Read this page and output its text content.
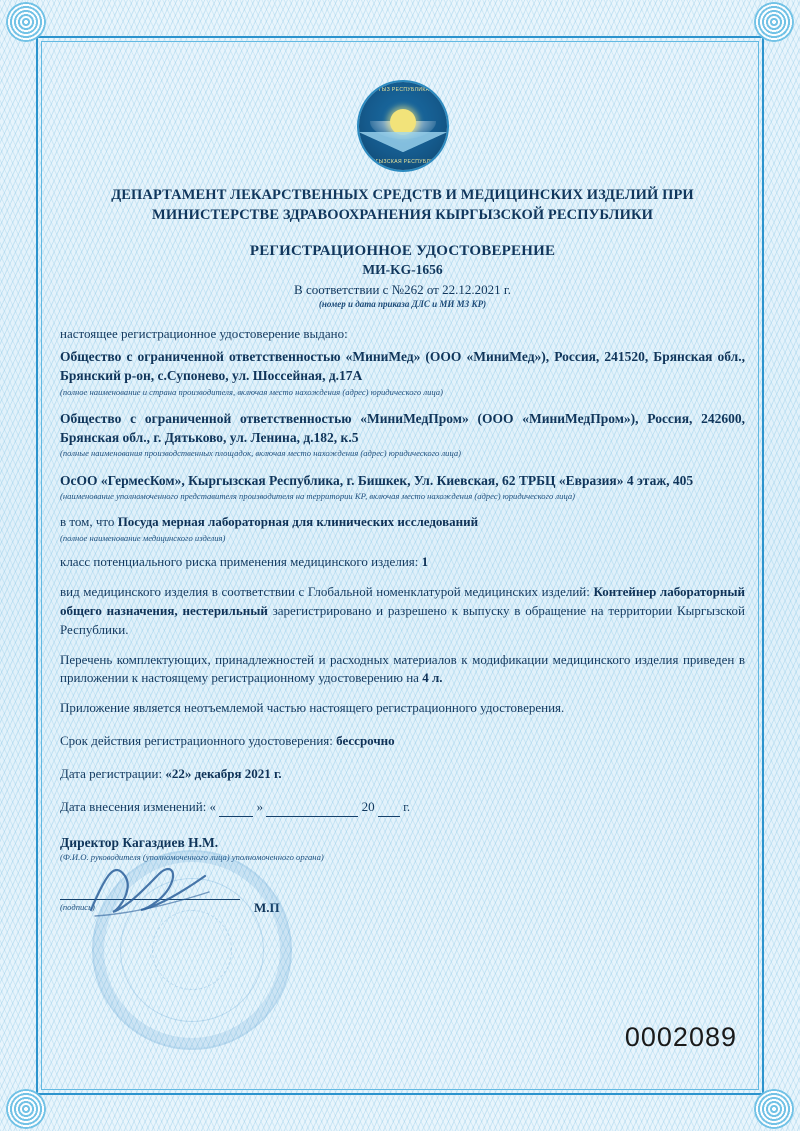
КЫРГЫЗ РЕСПУБЛИКАСЫ
КЫРГЫЗСКАЯ РЕСПУБЛИКА
ДЕПАРТАМЕНТ ЛЕКАРСТВЕННЫХ СРЕДСТВ И МЕДИЦИНСКИХ ИЗДЕЛИЙ ПРИ МИНИСТЕРСТВЕ ЗДРАВООХРАНЕНИЯ КЫРГЫЗСКОЙ РЕСПУБЛИКИ
РЕГИСТРАЦИОННОЕ УДОСТОВЕРЕНИЕ
МИ-KG-1656
В соответствии с №262 от 22.12.2021 г.
(номер и дата приказа ДЛС и МИ МЗ КР)
настоящее регистрационное удостоверение выдано:
Общество с ограниченной ответственностью «МиниМед» (ООО «МиниМед»), Россия, 241520, Брянская обл., Брянский р-он, с.Супонево, ул. Шоссейная, д.17А
(полное наименование и страна производителя, включая место нахождения (адрес) юридического лица)
Общество с ограниченной ответственностью «МиниМедПром» (ООО «МиниМедПром»), Россия, 242600, Брянская обл., г. Дятьково, ул. Ленина, д.182, к.5
(полные наименования производственных площадок, включая место нахождения (адрес) юридического лица)
ОсОО «ГермесКом», Кыргызская Республика, г. Бишкек, Ул. Киевская, 62 ТРБЦ «Евразия» 4 этаж, 405
(наименование уполномоченного представителя производителя на территории КР, включая место нахождения (адрес) юридического лица)
в том, что Посуда мерная лабораторная для клинических исследований
(полное наименование медицинского изделия)
класс потенциального риска применения медицинского изделия: 1
вид медицинского изделия в соответствии с Глобальной номенклатурой медицинских изделий: Контейнер лабораторный общего назначения, нестерильный зарегистрировано и разрешено к выпуску в обращение на территории Кыргызской Республики.
Перечень комплектующих, принадлежностей и расходных материалов к модификации медицинского изделия приведен в приложении к настоящему регистрационному удостоверению на 4 л.
Приложение является неотъемлемой частью настоящего регистрационного удостоверения.
Срок действия регистрационного удостоверения: бессрочно
Дата регистрации: «22» декабря 2021 г.
Дата внесения изменений: «	»	20 г.
Директор Кагаздиев Н.М.
(Ф.И.О. руководителя (уполномоченного лица) уполномоченного органа)
(подпись)	М.П
0002089
